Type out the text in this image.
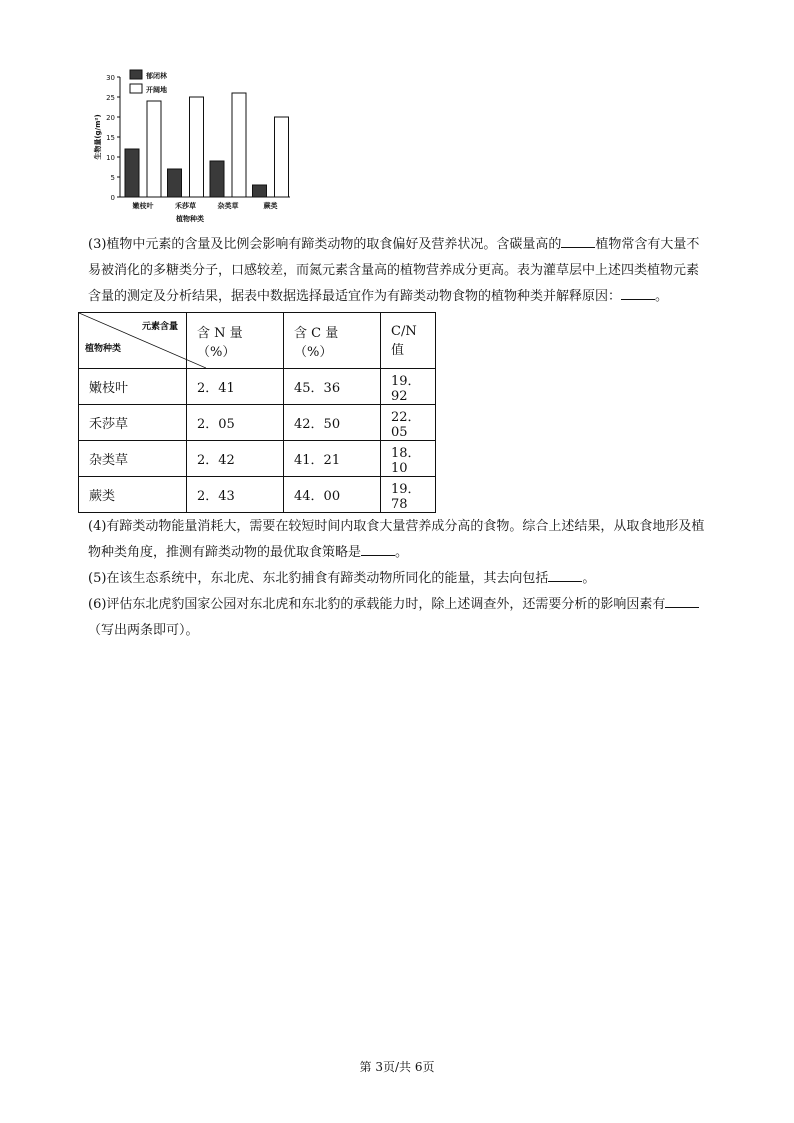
0
5
10
15
20
25
30
生物量(g/m²)
嫩枝叶	禾莎草	杂类草	蕨类
植物种类
郁闭林
开阔地
(3)植物中元素的含量及比例会影响有蹄类动物的取食偏好及营养状况。含碳量高的	植物常含有大量不易被消化的多糖类分子，口感较差，而氮元素含量高的植物营养成分更高。表为灌草层中上述四类植物元素含量的测定及分析结果，据表中数据选择最适宜作为有蹄类动物食物的植物种类并解释原因：	。
元素含量
植物种类	含 N 量（%）	含 C 量（%）	C/N 值
嫩枝叶	2．41	45．36	19．92
禾莎草	2．05	42．50	22．05
杂类草	2．42	41．21	18．10
蕨类	2．43	44．00	19．78
(4)有蹄类动物能量消耗大，需要在较短时间内取食大量营养成分高的食物。综合上述结果，从取食地形及植物种类角度，推测有蹄类动物的最优取食策略是	。
(5)在该生态系统中，东北虎、东北豹捕食有蹄类动物所同化的能量，其去向包括	。
(6)评估东北虎豹国家公园对东北虎和东北豹的承载能力时，除上述调查外，还需要分析的影响因素有（写出两条即可）。
第 3页/共 6页
